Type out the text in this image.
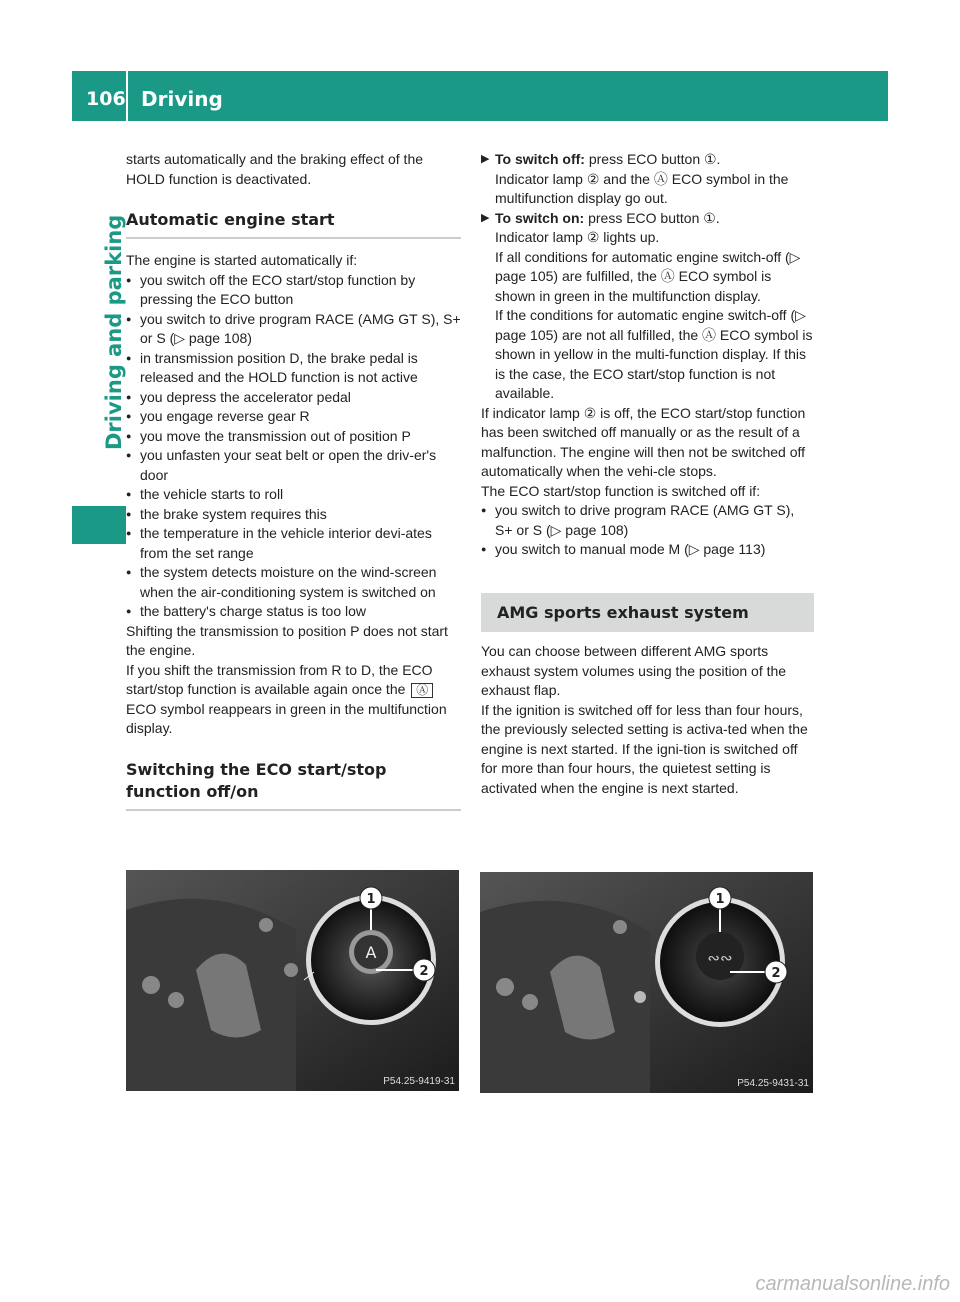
106 Driving
Driving and parking

starts automatically and the braking effect of the HOLD function is deactivated.

Automatic engine start

The engine is started automatically if:

● you switch off the ECO start/stop function by pressing the ECO button
● you switch to drive program RACE (AMG GT S), S+ or S (▷ page 108)
● in transmission position D, the brake pedal is released and the HOLD function is not active
● you depress the accelerator pedal
● you engage reverse gear R
● you move the transmission out of position P
● you unfasten your seat belt or open the driv-er's door
● the vehicle starts to roll
● the brake system requires this
● the temperature in the vehicle interior devi-ates from the set range
● the system detects moisture on the wind-screen when the air-conditioning system is switched on
● the battery's charge status is too low

Shifting the transmission to position P does not start the engine.

If you shift the transmission from R to D, the ECO start/stop function is available again once the Ⓐ ECO symbol reappears in green in the multifunction display.

Switching the ECO start/stop function off/on
A
1
2
P54.25-9419-31

▶ To switch off: press ECO button ①.

Indicator lamp ② and the Ⓐ ECO symbol in the multifunction display go out.

▶ To switch on: press ECO button ①.

Indicator lamp ② lights up.

If all conditions for automatic engine switch-off (▷ page 105) are fulfilled, the Ⓐ ECO symbol is shown in green in the multifunction display.

If the conditions for automatic engine switch-off (▷ page 105) are not all fulfilled, the Ⓐ ECO symbol is shown in yellow in the multi-function display. If this is the case, the ECO start/stop function is not available.

If indicator lamp ② is off, the ECO start/stop function has been switched off manually or as the result of a malfunction. The engine will then not be switched off automatically when the vehi-cle stops.

The ECO start/stop function is switched off if:

● you switch to drive program RACE (AMG GT S), S+ or S (▷ page 108)
● you switch to manual mode M (▷ page 113)
AMG sports exhaust system

You can choose between different AMG sports exhaust system volumes using the position of the exhaust flap.

If the ignition is switched off for less than four hours, the previously selected setting is activa-ted when the engine is next started. If the igni-tion is switched off for more than four hours, the quietest setting is activated when the engine is next started.

∾∾
1
2
P54.25-9431-31
carmanualsonline.info
